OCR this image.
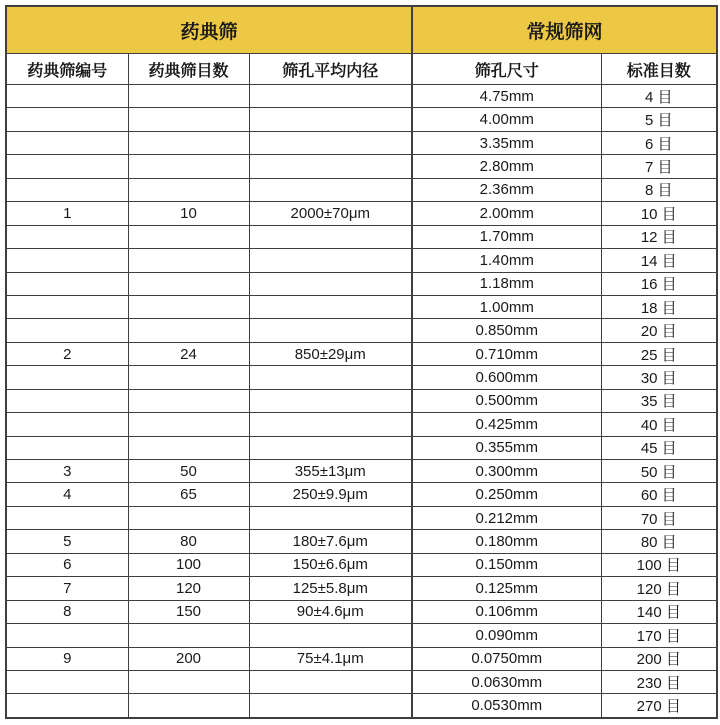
药典筛			常规筛网	
药典筛编号	药典筛目数	筛孔平均内径	筛孔尺寸	标准目数
			4.75mm	4 目
			4.00mm	5 目
			3.35mm	6 目
			2.80mm	7 目
			2.36mm	8 目
1	10	2000±70μm	2.00mm	10 目
			1.70mm	12 目
			1.40mm	14 目
			1.18mm	16 目
			1.00mm	18 目
			0.850mm	20 目
2	24	850±29μm	0.710mm	25 目
			0.600mm	30 目
			0.500mm	35 目
			0.425mm	40 目
			0.355mm	45 目
3	50	355±13μm	0.300mm	50 目
4	65	250±9.9μm	0.250mm	60 目
			0.212mm	70 目
5	80	180±7.6μm	0.180mm	80 目
6	100	150±6.6μm	0.150mm	100 目
7	120	125±5.8μm	0.125mm	120 目
8	150	90±4.6μm	0.106mm	140 目
			0.090mm	170 目
9	200	75±4.1μm	0.0750mm	200 目
			0.0630mm	230 目
			0.0530mm	270 目
